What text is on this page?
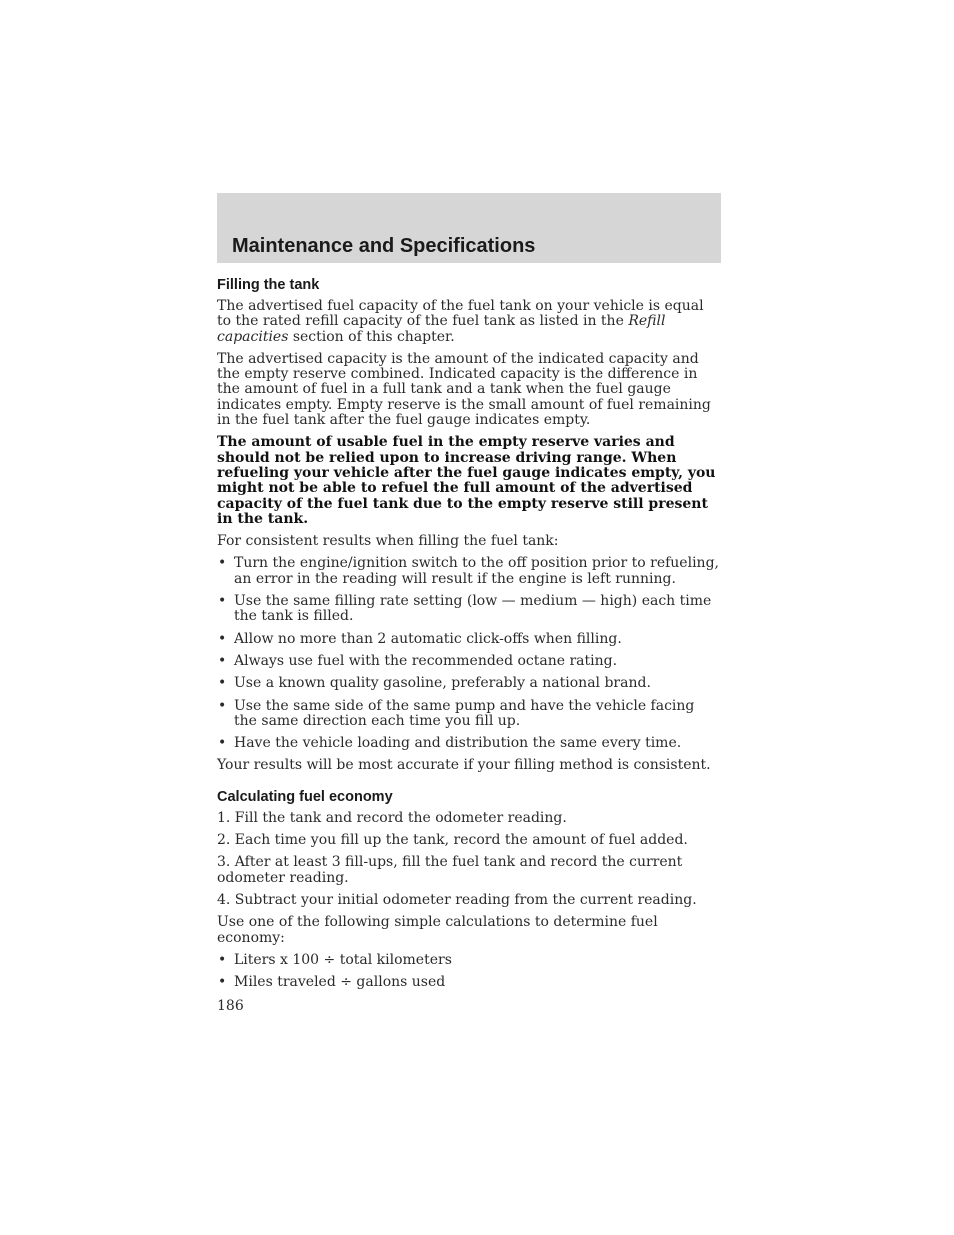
Maintenance and Specifications
Filling the tank

The advertised fuel capacity of the fuel tank on your vehicle is equal to the rated refill capacity of the fuel tank as listed in the Refill capacities section of this chapter.

The advertised capacity is the amount of the indicated capacity and the empty reserve combined. Indicated capacity is the difference in the amount of fuel in a full tank and a tank when the fuel gauge indicates empty. Empty reserve is the small amount of fuel remaining in the fuel tank after the fuel gauge indicates empty.

The amount of usable fuel in the empty reserve varies and should not be relied upon to increase driving range. When refueling your vehicle after the fuel gauge indicates empty, you might not be able to refuel the full amount of the advertised capacity of the fuel tank due to the empty reserve still present in the tank.

For consistent results when filling the fuel tank:

• Turn the engine/ignition switch to the off position prior to refueling, an error in the reading will result if the engine is left running.
• Use the same filling rate setting (low — medium — high) each time the tank is filled.
• Allow no more than 2 automatic click-offs when filling.
• Always use fuel with the recommended octane rating.
• Use a known quality gasoline, preferably a national brand.
• Use the same side of the same pump and have the vehicle facing the same direction each time you fill up.
• Have the vehicle loading and distribution the same every time.

Your results will be most accurate if your filling method is consistent.

Calculating fuel economy

1. Fill the tank and record the odometer reading.

2. Each time you fill up the tank, record the amount of fuel added.

3. After at least 3 fill-ups, fill the fuel tank and record the current odometer reading.

4. Subtract your initial odometer reading from the current reading.

Use one of the following simple calculations to determine fuel economy:

• Liters x 100 ÷ total kilometers
• Miles traveled ÷ gallons used
186
